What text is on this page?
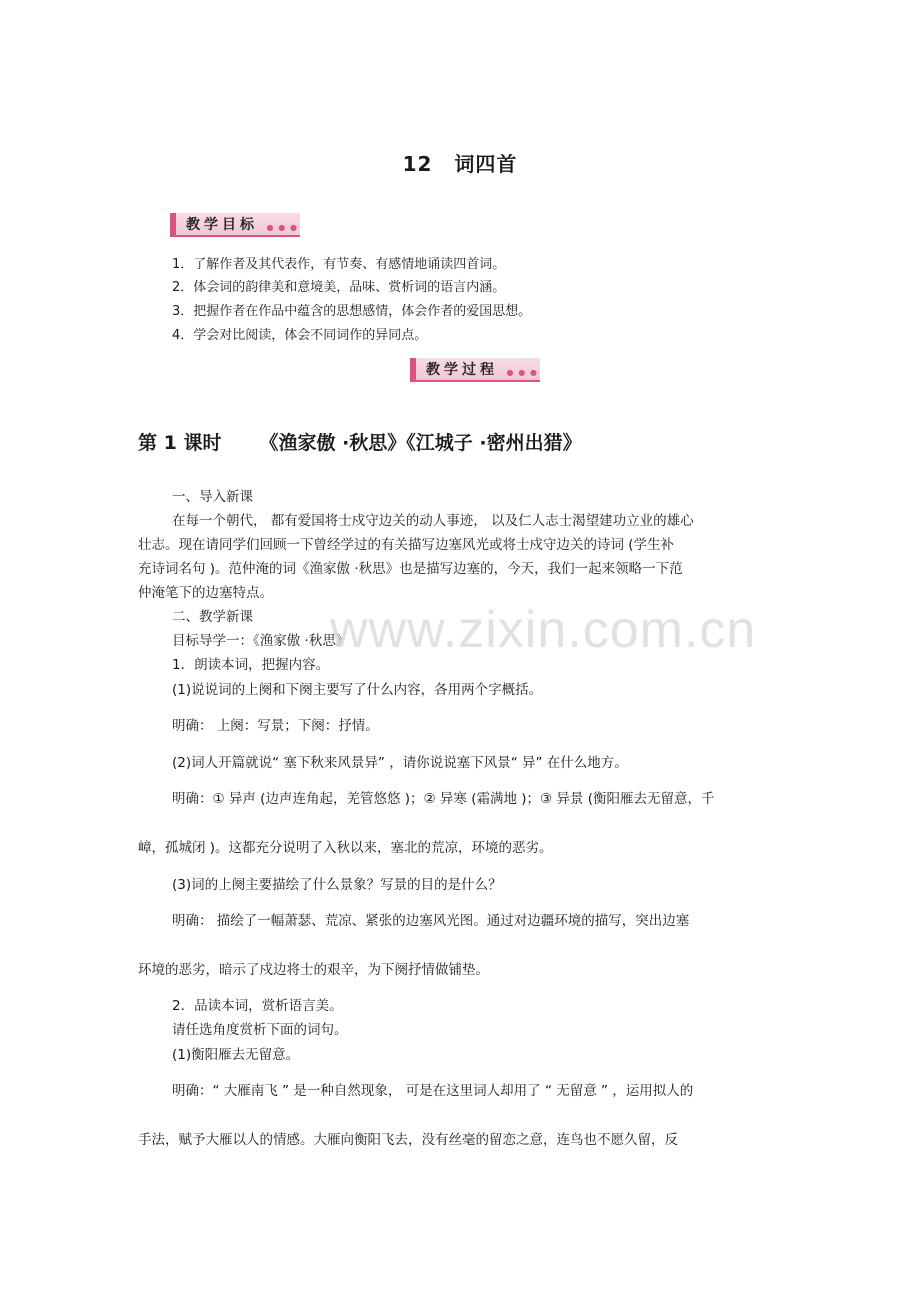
12 词四首
教学目标 ● ● ●
1．了解作者及其代表作，有节奏、有感情地诵读四首词。
2．体会词的韵律美和意境美，品味、赏析词的语言内涵。
3．把握作者在作品中蕴含的思想感情，体会作者的爱国思想。
4．学会对比阅读，体会不同词作的异同点。
教学过程 ● ● ●
第 1 课时 《渔家傲 ·秋思》《江城子 ·密州出猎》
一、导入新课
在每一个朝代， 都有爱国将士戍守边关的动人事迹， 以及仁人志士渴望建功立业的雄心
壮志。现在请同学们回顾一下曾经学过的有关描写边塞风光或将士戍守边关的诗词 (学生补
充诗词名句 )。范仲淹的词《渔家傲 ·秋思》也是描写边塞的，今天，我们一起来领略一下范
仲淹笔下的边塞特点。
二、教学新课
目标导学一：《渔家傲 ·秋思》
1．朗读本词，把握内容。
(1)说说词的上阕和下阕主要写了什么内容，各用两个字概括。
明确： 上阕：写景；下阕：抒情。
(2)词人开篇就说“ 塞下秋来风景异” ，请你说说塞下风景“ 异” 在什么地方。
明确：① 异声 (边声连角起，羌管悠悠 )；② 异寒 (霜满地 )；③ 异景 (衡阳雁去无留意，千
嶂，孤城闭 )。这都充分说明了入秋以来，塞北的荒凉，环境的恶劣。
(3)词的上阕主要描绘了什么景象？写景的目的是什么？
明确： 描绘了一幅萧瑟、荒凉、紧张的边塞风光图。通过对边疆环境的描写，突出边塞
环境的恶劣，暗示了戍边将士的艰辛，为下阕抒情做铺垫。
2．品读本词，赏析语言美。
请任选角度赏析下面的词句。
(1)衡阳雁去无留意。
明确：“ 大雁南飞 ” 是一种自然现象， 可是在这里词人却用了 “ 无留意 ” ，运用拟人的
手法，赋予大雁以人的情感。大雁向衡阳飞去，没有丝毫的留恋之意，连鸟也不愿久留，反
www.zixin.com.cn
